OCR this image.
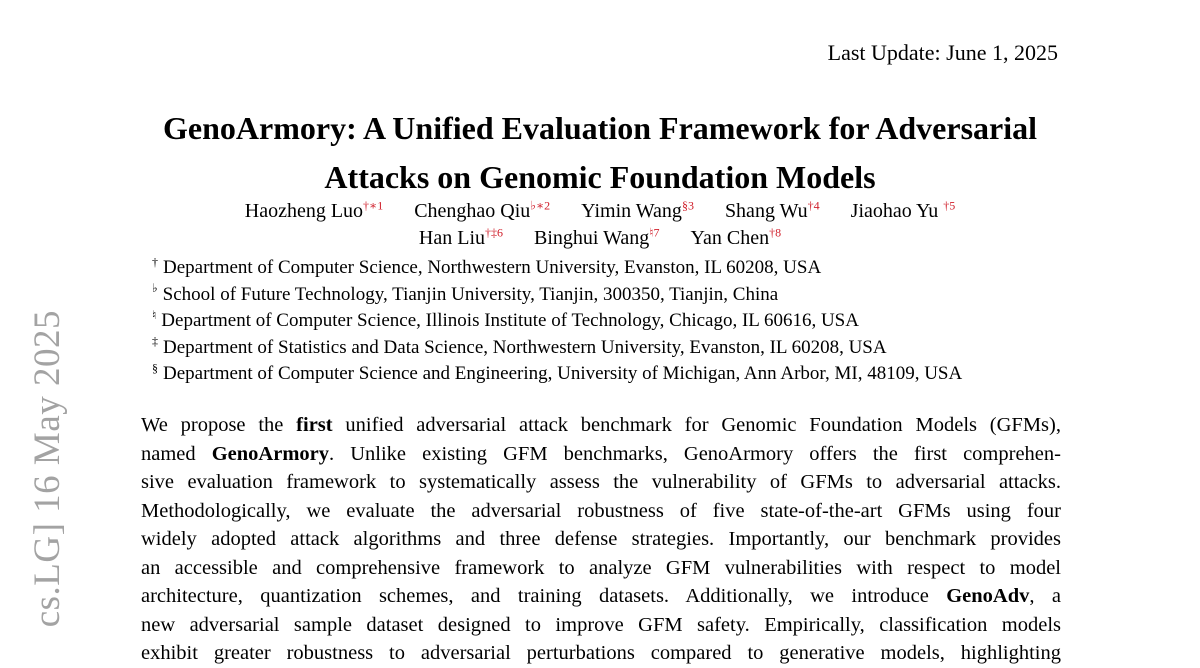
cs.LG] 16 May 2025
Last Update: June 1, 2025
GenoArmory: A Unified Evaluation Framework for Adversarial
Attacks on Genomic Foundation Models
Haozheng Luo$^{\dagger∗1}$ Chenghao Qiu$^{♭∗2}$ Yimin Wang$^{\S 3}$ Shang Wu$^{\dagger 4}$ Jiaohao Yu $^{\dagger 5}$
Han Liu$^{\dagger\ddagger 6}$ Binghui Wang$^{♮7}$ Yan Chen$^{\dagger 8}$
† Department of Computer Science, Northwestern University, Evanston, IL 60208, USA
♭ School of Future Technology, Tianjin University, Tianjin, 300350, Tianjin, China
♮ Department of Computer Science, Illinois Institute of Technology, Chicago, IL 60616, USA
‡ Department of Statistics and Data Science, Northwestern University, Evanston, IL 60208, USA
§ Department of Computer Science and Engineering, University of Michigan, Ann Arbor, MI, 48109, USA
We propose the first unified adversarial attack benchmark for Genomic Foundation Models (GFMs),
named GenoArmory. Unlike existing GFM benchmarks, GenoArmory offers the first comprehen-
sive evaluation framework to systematically assess the vulnerability of GFMs to adversarial attacks.
Methodologically, we evaluate the adversarial robustness of five state-of-the-art GFMs using four
widely adopted attack algorithms and three defense strategies. Importantly, our benchmark provides
an accessible and comprehensive framework to analyze GFM vulnerabilities with respect to model
architecture, quantization schemes, and training datasets. Additionally, we introduce GenoAdv, a
new adversarial sample dataset designed to improve GFM safety. Empirically, classification models
exhibit greater robustness to adversarial perturbations compared to generative models, highlighting
